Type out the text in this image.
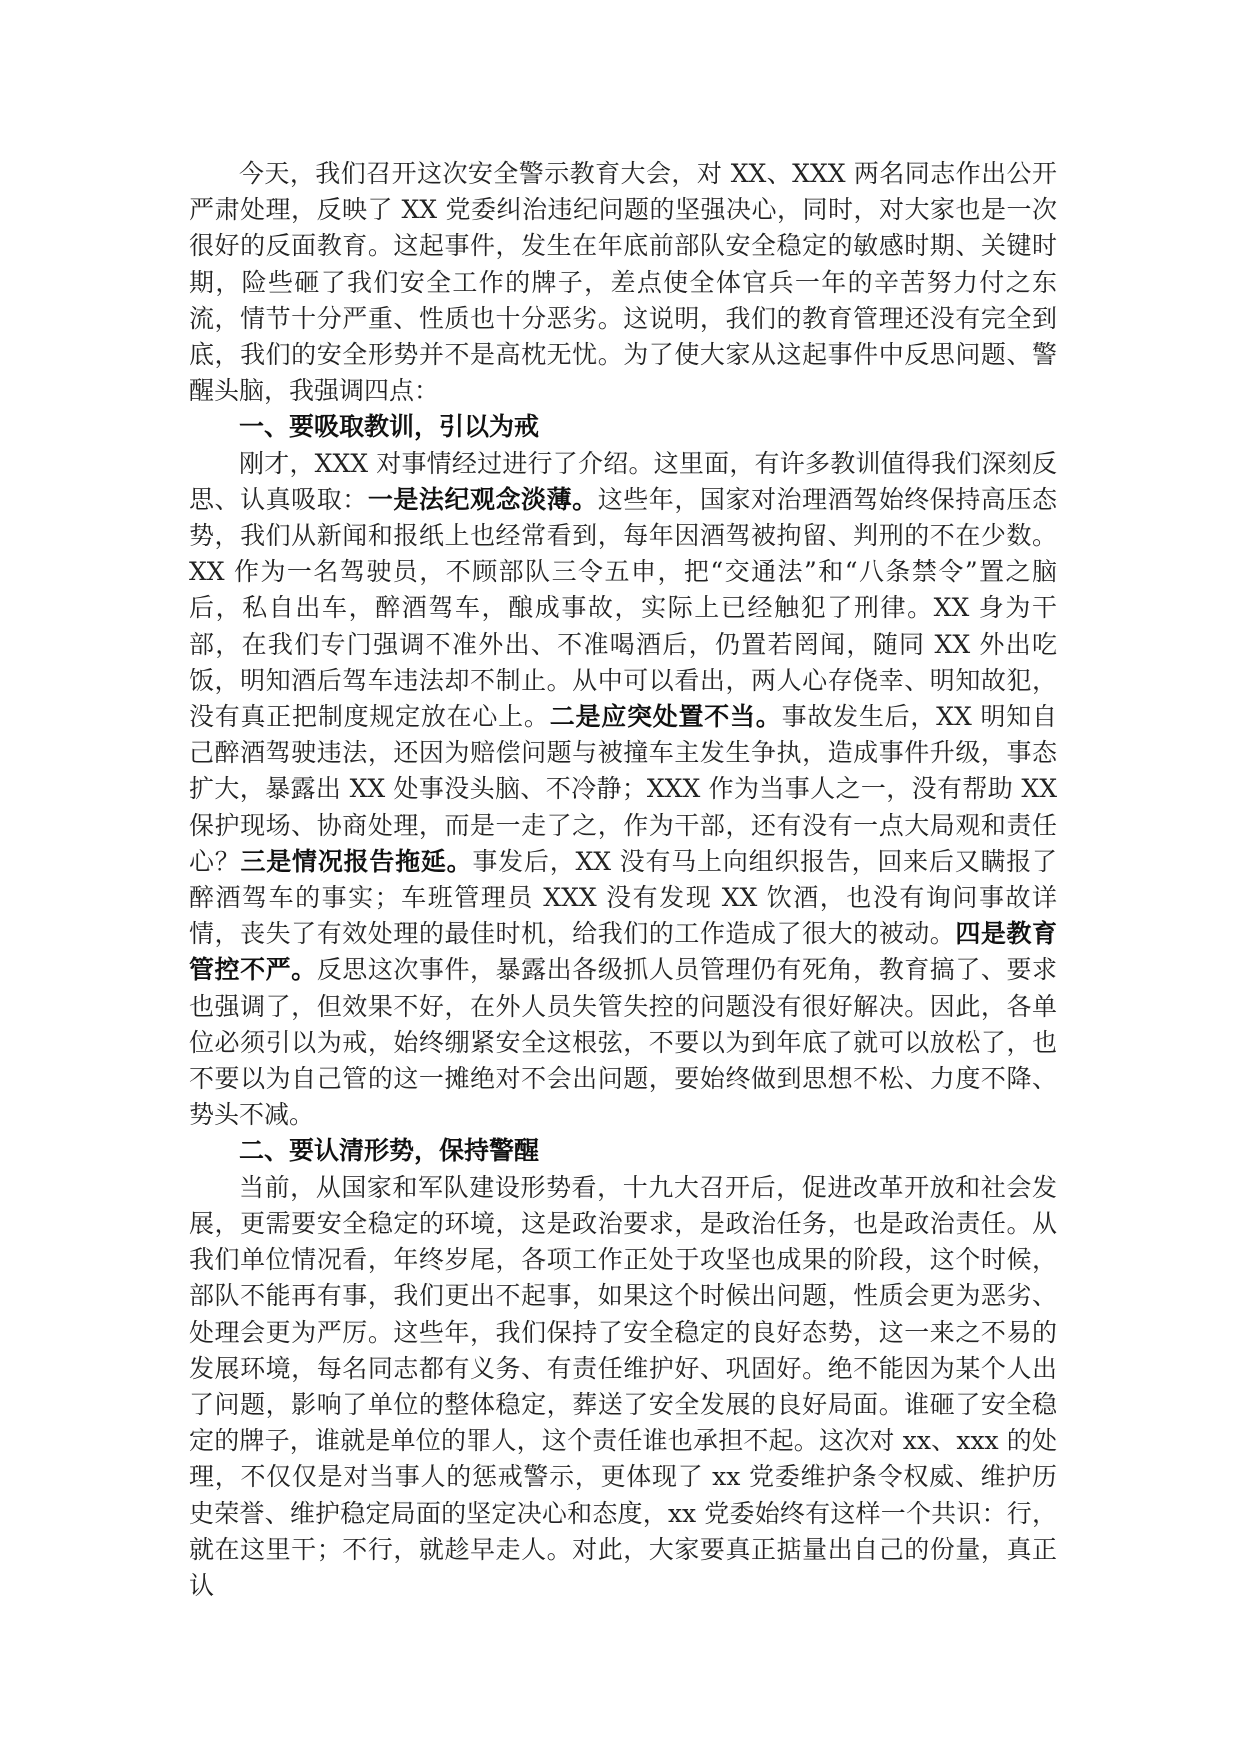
今天，我们召开这次安全警示教育大会，对 XX、XXX 两名同志作出公开严肃处理，反映了 XX 党委纠治违纪问题的坚强决心，同时，对大家也是一次很好的反面教育。这起事件，发生在年底前部队安全稳定的敏感时期、关键时期，险些砸了我们安全工作的牌子，差点使全体官兵一年的辛苦努力付之东流，情节十分严重、性质也十分恶劣。这说明，我们的教育管理还没有完全到底，我们的安全形势并不是高枕无忧。为了使大家从这起事件中反思问题、警醒头脑，我强调四点：

一、要吸取教训，引以为戒

刚才，XXX 对事情经过进行了介绍。这里面，有许多教训值得我们深刻反思、认真吸取：一是法纪观念淡薄。这些年，国家对治理酒驾始终保持高压态势，我们从新闻和报纸上也经常看到，每年因酒驾被拘留、判刑的不在少数。XX 作为一名驾驶员，不顾部队三令五申，把“交通法”和“八条禁令”置之脑后，私自出车，醉酒驾车，酿成事故，实际上已经触犯了刑律。XX 身为干部，在我们专门强调不准外出、不准喝酒后，仍置若罔闻，随同 XX 外出吃饭，明知酒后驾车违法却不制止。从中可以看出，两人心存侥幸、明知故犯，没有真正把制度规定放在心上。二是应突处置不当。事故发生后，XX 明知自己醉酒驾驶违法，还因为赔偿问题与被撞车主发生争执，造成事件升级，事态扩大，暴露出 XX 处事没头脑、不冷静；XXX 作为当事人之一，没有帮助 XX 保护现场、协商处理，而是一走了之，作为干部，还有没有一点大局观和责任心？三是情况报告拖延。事发后，XX 没有马上向组织报告，回来后又瞒报了醉酒驾车的事实；车班管理员 XXX 没有发现 XX 饮酒，也没有询问事故详情，丧失了有效处理的最佳时机，给我们的工作造成了很大的被动。四是教育管控不严。反思这次事件，暴露出各级抓人员管理仍有死角，教育搞了、要求也强调了，但效果不好，在外人员失管失控的问题没有很好解决。因此，各单位必须引以为戒，始终绷紧安全这根弦，不要以为到年底了就可以放松了，也不要以为自己管的这一摊绝对不会出问题，要始终做到思想不松、力度不降、势头不减。

二、要认清形势，保持警醒

当前，从国家和军队建设形势看，十九大召开后，促进改革开放和社会发展，更需要安全稳定的环境，这是政治要求，是政治任务，也是政治责任。从我们单位情况看，年终岁尾，各项工作正处于攻坚也成果的阶段，这个时候，部队不能再有事，我们更出不起事，如果这个时候出问题，性质会更为恶劣、处理会更为严厉。这些年，我们保持了安全稳定的良好态势，这一来之不易的发展环境，每名同志都有义务、有责任维护好、巩固好。绝不能因为某个人出了问题，影响了单位的整体稳定，葬送了安全发展的良好局面。谁砸了安全稳定的牌子，谁就是单位的罪人，这个责任谁也承担不起。这次对 xx、xxx 的处理，不仅仅是对当事人的惩戒警示，更体现了 xx 党委维护条令权威、维护历史荣誉、维护稳定局面的坚定决心和态度，xx 党委始终有这样一个共识：行，就在这里干；不行，就趁早走人。对此，大家要真正掂量出自己的份量，真正认
